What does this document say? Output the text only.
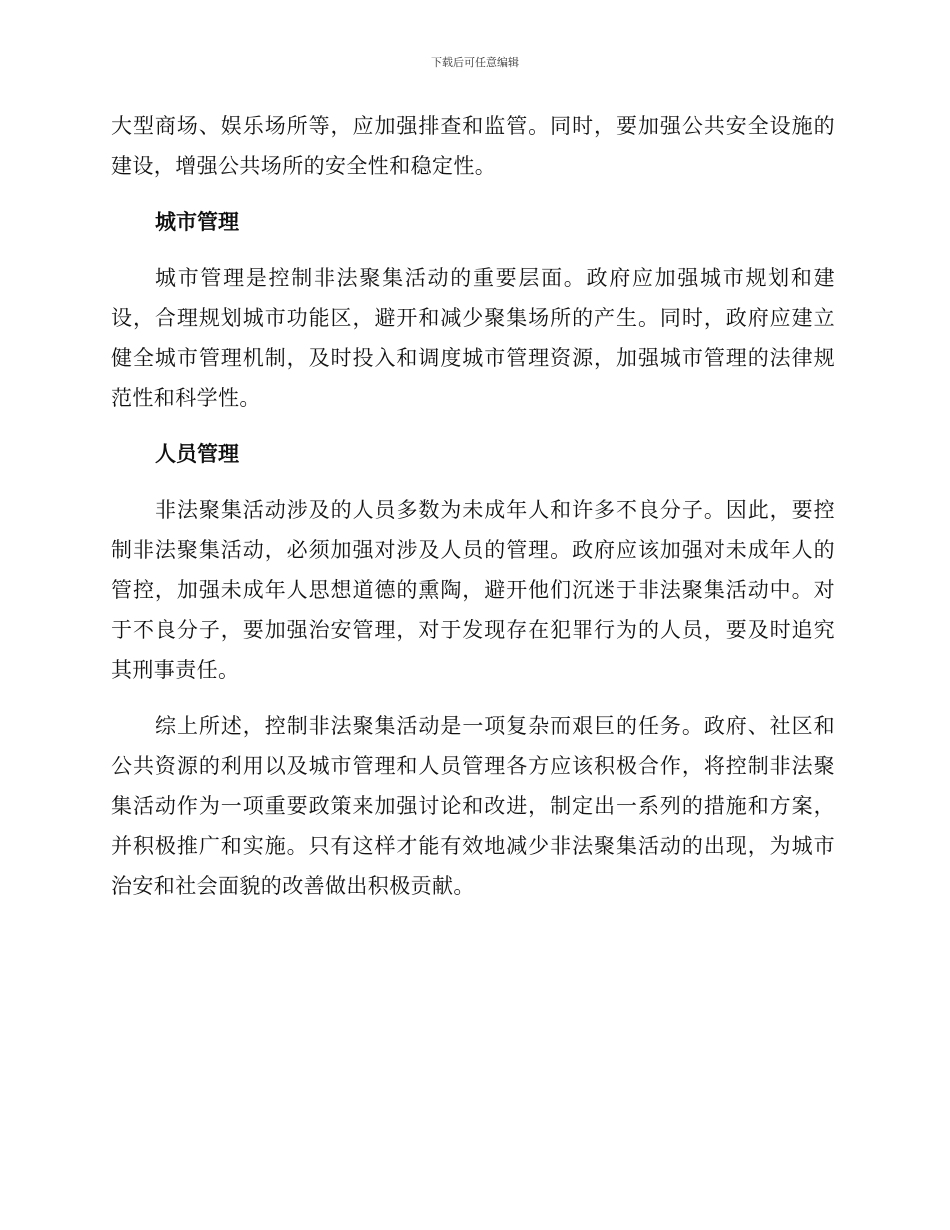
下载后可任意编辑

大型商场、娱乐场所等，应加强排查和监管。同时，要加强公共安全设施的建设，增强公共场所的安全性和稳定性。

城市管理

城市管理是控制非法聚集活动的重要层面。政府应加强城市规划和建设，合理规划城市功能区，避开和减少聚集场所的产生。同时，政府应建立健全城市管理机制，及时投入和调度城市管理资源，加强城市管理的法律规范性和科学性。

人员管理

非法聚集活动涉及的人员多数为未成年人和许多不良分子。因此，要控制非法聚集活动，必须加强对涉及人员的管理。政府应该加强对未成年人的管控，加强未成年人思想道德的熏陶，避开他们沉迷于非法聚集活动中。对于不良分子，要加强治安管理，对于发现存在犯罪行为的人员，要及时追究其刑事责任。

综上所述，控制非法聚集活动是一项复杂而艰巨的任务。政府、社区和公共资源的利用以及城市管理和人员管理各方应该积极合作，将控制非法聚集活动作为一项重要政策来加强讨论和改进，制定出一系列的措施和方案，并积极推广和实施。只有这样才能有效地减少非法聚集活动的出现，为城市治安和社会面貌的改善做出积极贡献。
